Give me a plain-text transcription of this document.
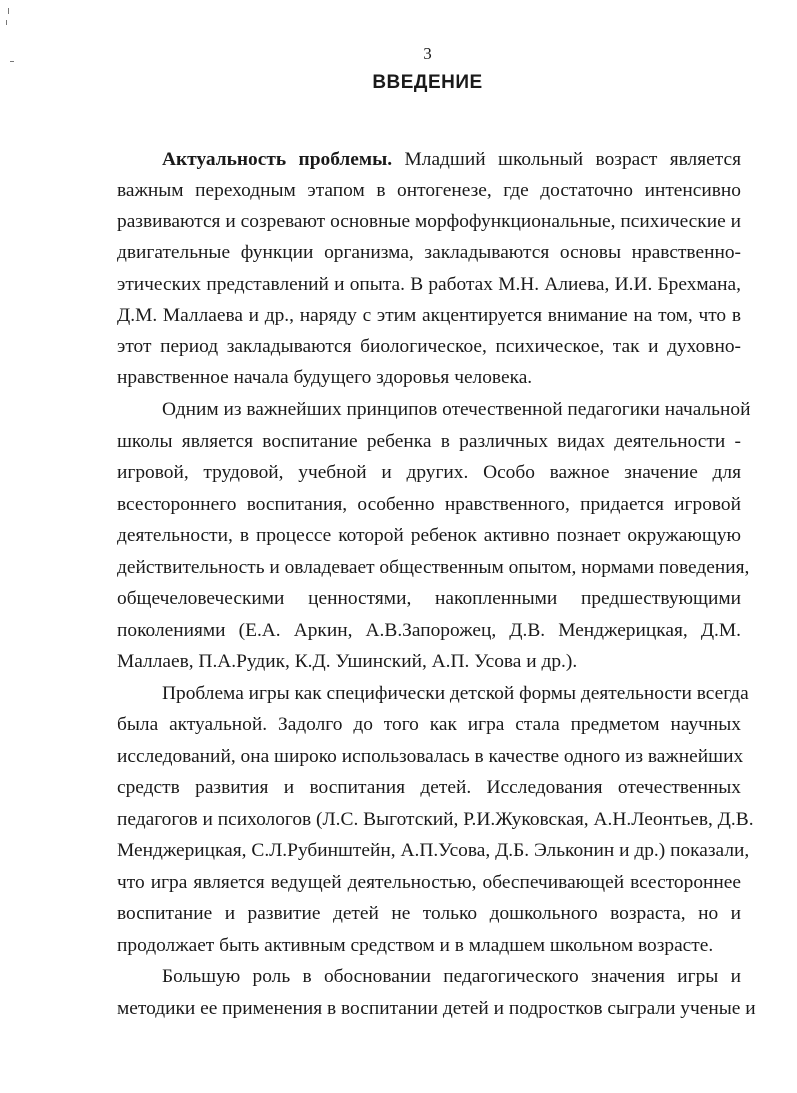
3
ВВЕДЕНИЕ
Актуальность проблемы. Младший школьный возраст является
важным переходным этапом в онтогенезе, где достаточно интенсивно
развиваются и созревают основные морфофункциональные, психические и
двигательные функции организма, закладываются основы нравственно-
этических представлений и опыта. В работах М.Н. Алиева, И.И. Брехмана,
Д.М. Маллаева и др., наряду с этим акцентируется внимание на том, что в
этот период закладываются биологическое, психическое, так и духовно-
нравственное начала будущего здоровья человека.
Одним из важнейших принципов отечественной педагогики начальной
школы является воспитание ребенка в различных видах деятельности -
игровой, трудовой, учебной и других. Особо важное значение для
всестороннего воспитания, особенно нравственного, придается игровой
деятельности, в процессе которой ребенок активно познает окружающую
действительность и овладевает общественным опытом, нормами поведения,
общечеловеческими ценностями, накопленными предшествующими
поколениями (Е.А. Аркин, А.В.Запорожец, Д.В. Менджерицкая, Д.М.
Маллаев, П.А.Рудик, К.Д. Ушинский, А.П. Усова и др.).
Проблема игры как специфически детской формы деятельности всегда
была актуальной. Задолго до того как игра стала предметом научных
исследований, она широко использовалась в качестве одного из важнейших
средств развития и воспитания детей. Исследования отечественных
педагогов и психологов (Л.С. Выготский, Р.И.Жуковская, А.Н.Леонтьев, Д.В.
Менджерицкая, С.Л.Рубинштейн, А.П.Усова, Д.Б. Эльконин и др.) показали,
что игра является ведущей деятельностью, обеспечивающей всестороннее
воспитание и развитие детей не только дошкольного возраста, но и
продолжает быть активным средством и в младшем школьном возрасте.
Большую роль в обосновании педагогического значения игры и
методики ее применения в воспитании детей и подростков сыграли ученые и
